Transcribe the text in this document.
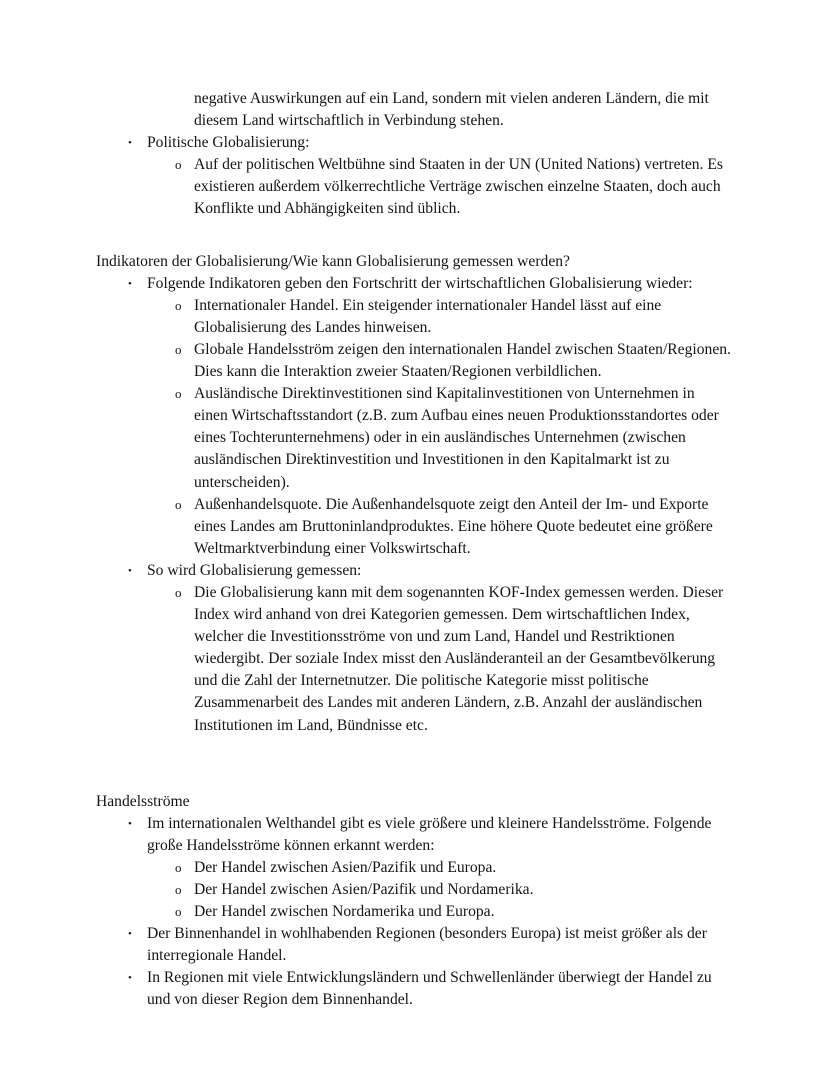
negative Auswirkungen auf ein Land, sondern mit vielen anderen Ländern, die mit diesem Land wirtschaftlich in Verbindung stehen.

• Politische Globalisierung:
o Auf der politischen Weltbühne sind Staaten in der UN (United Nations) vertreten. Es existieren außerdem völkerrechtliche Verträge zwischen einzelne Staaten, doch auch Konflikte und Abhängigkeiten sind üblich.

Indikatoren der Globalisierung/Wie kann Globalisierung gemessen werden?

• Folgende Indikatoren geben den Fortschritt der wirtschaftlichen Globalisierung wieder:
o Internationaler Handel. Ein steigender internationaler Handel lässt auf eine Globalisierung des Landes hinweisen.
o Globale Handelsström zeigen den internationalen Handel zwischen Staaten/Regionen. Dies kann die Interaktion zweier Staaten/Regionen verbildlichen.
o Ausländische Direktinvestitionen sind Kapitalinvestitionen von Unternehmen in einen Wirtschaftsstandort (z.B. zum Aufbau eines neuen Produktionsstandortes oder eines Tochterunternehmens) oder in ein ausländisches Unternehmen (zwischen ausländischen Direktinvestition und Investitionen in den Kapitalmarkt ist zu unterscheiden).
o Außenhandelsquote. Die Außenhandelsquote zeigt den Anteil der Im- und Exporte eines Landes am Bruttoninlandproduktes. Eine höhere Quote bedeutet eine größere Weltmarktverbindung einer Volkswirtschaft.
• So wird Globalisierung gemessen:
o Die Globalisierung kann mit dem sogenannten KOF-Index gemessen werden. Dieser Index wird anhand von drei Kategorien gemessen. Dem wirtschaftlichen Index, welcher die Investitionsströme von und zum Land, Handel und Restriktionen wiedergibt. Der soziale Index misst den Ausländeranteil an der Gesamtbevölkerung und die Zahl der Internetnutzer. Die politische Kategorie misst politische Zusammenarbeit des Landes mit anderen Ländern, z.B. Anzahl der ausländischen Institutionen im Land, Bündnisse etc.

Handelsströme

• Im internationalen Welthandel gibt es viele größere und kleinere Handelsströme. Folgende große Handelsströme können erkannt werden:
o Der Handel zwischen Asien/Pazifik und Europa.
o Der Handel zwischen Asien/Pazifik und Nordamerika.
o Der Handel zwischen Nordamerika und Europa.
• Der Binnenhandel in wohlhabenden Regionen (besonders Europa) ist meist größer als der interregionale Handel.
• In Regionen mit viele Entwicklungsländern und Schwellenländer überwiegt der Handel zu und von dieser Region dem Binnenhandel.
